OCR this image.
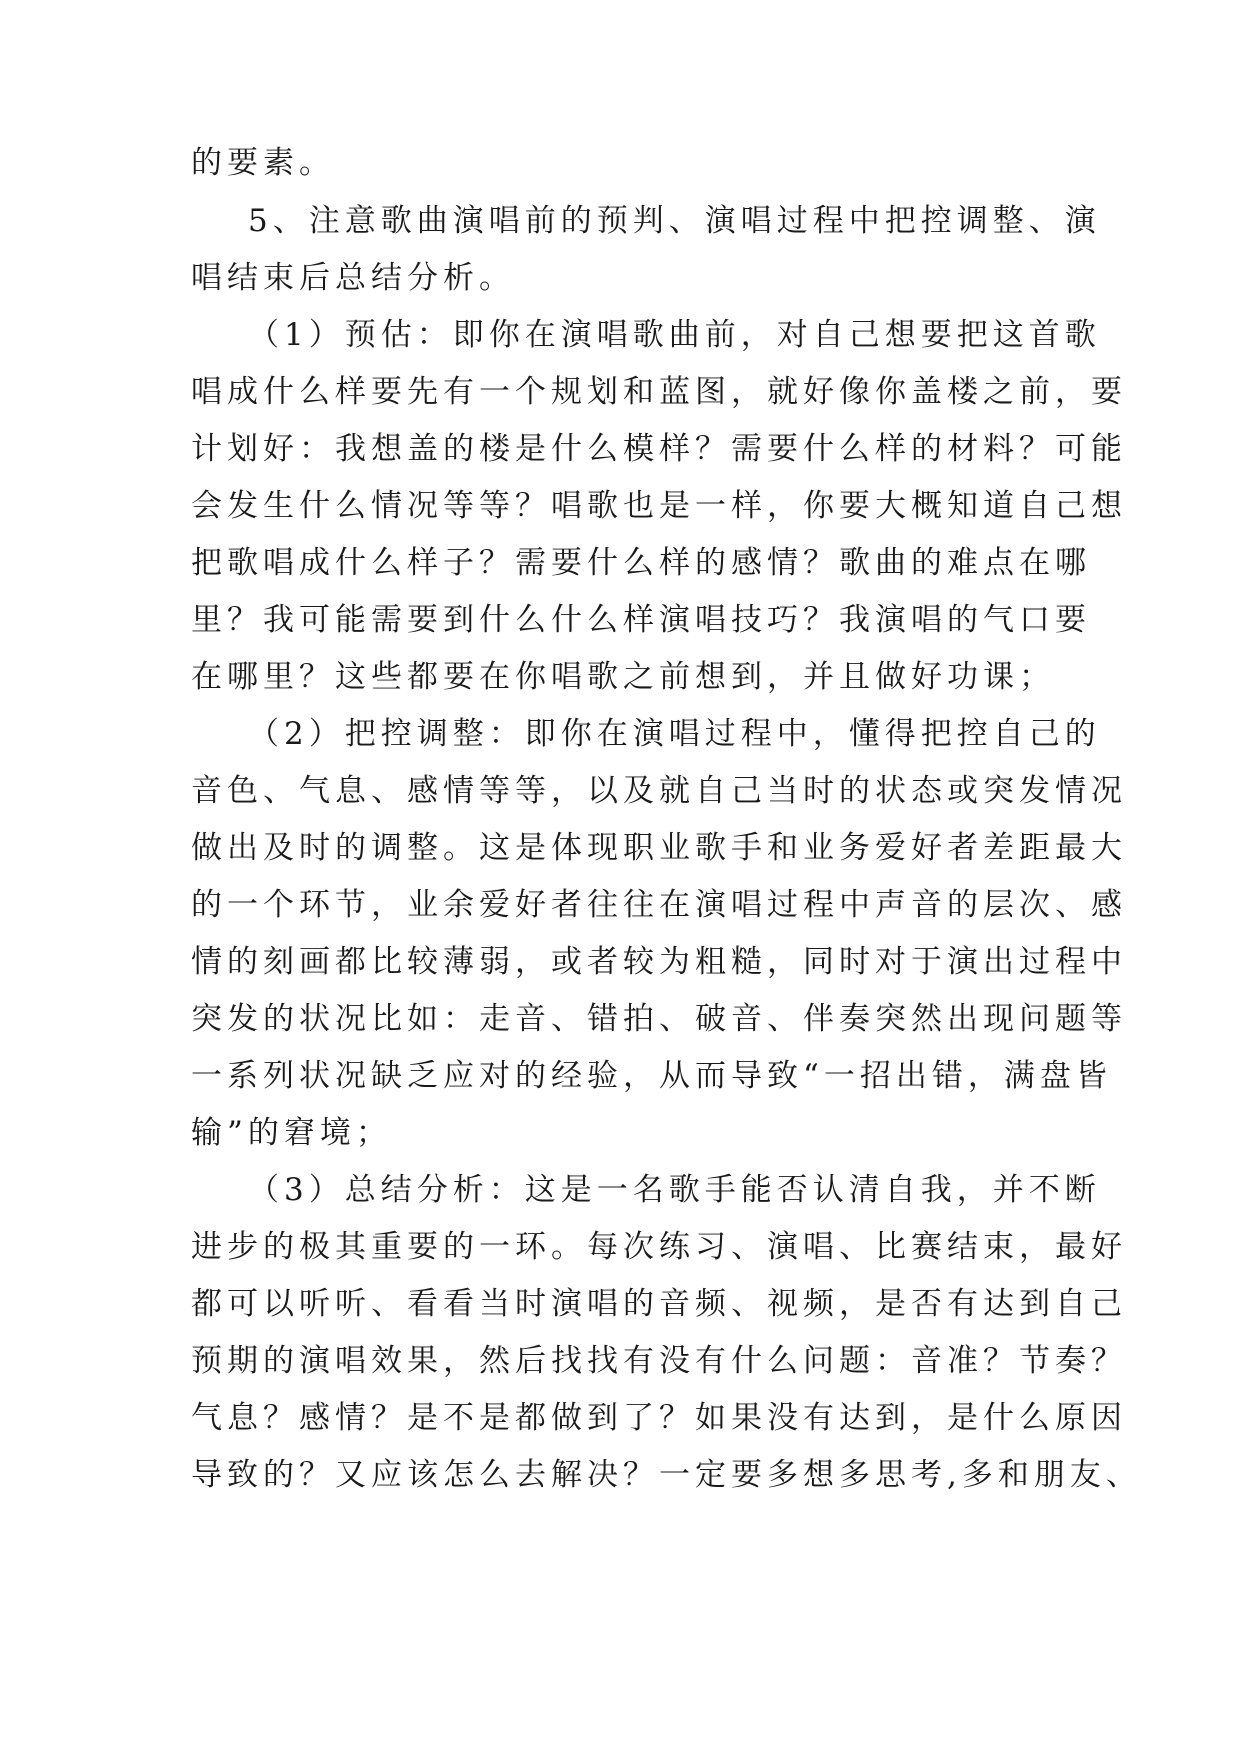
的要素。
5、注意歌曲演唱前的预判、演唱过程中把控调整、演
唱结束后总结分析。
（1）预估：即你在演唱歌曲前，对自己想要把这首歌
唱成什么样要先有一个规划和蓝图，就好像你盖楼之前，要
计划好：我想盖的楼是什么模样？需要什么样的材料？可能
会发生什么情况等等？唱歌也是一样，你要大概知道自己想
把歌唱成什么样子？需要什么样的感情？歌曲的难点在哪
里？我可能需要到什么什么样演唱技巧？我演唱的气口要
在哪里？这些都要在你唱歌之前想到，并且做好功课；
（2）把控调整：即你在演唱过程中，懂得把控自己的
音色、气息、感情等等，以及就自己当时的状态或突发情况
做出及时的调整。这是体现职业歌手和业务爱好者差距最大
的一个环节，业余爱好者往往在演唱过程中声音的层次、感
情的刻画都比较薄弱，或者较为粗糙，同时对于演出过程中
突发的状况比如：走音、错拍、破音、伴奏突然出现问题等
一系列状况缺乏应对的经验，从而导致“一招出错，满盘皆
输”的窘境；
（3）总结分析：这是一名歌手能否认清自我，并不断
进步的极其重要的一环。每次练习、演唱、比赛结束，最好
都可以听听、看看当时演唱的音频、视频，是否有达到自己
预期的演唱效果，然后找找有没有什么问题：音准？节奏？
气息？感情？是不是都做到了？如果没有达到，是什么原因
导致的？又应该怎么去解决？一定要多想多思考,多和朋友、
